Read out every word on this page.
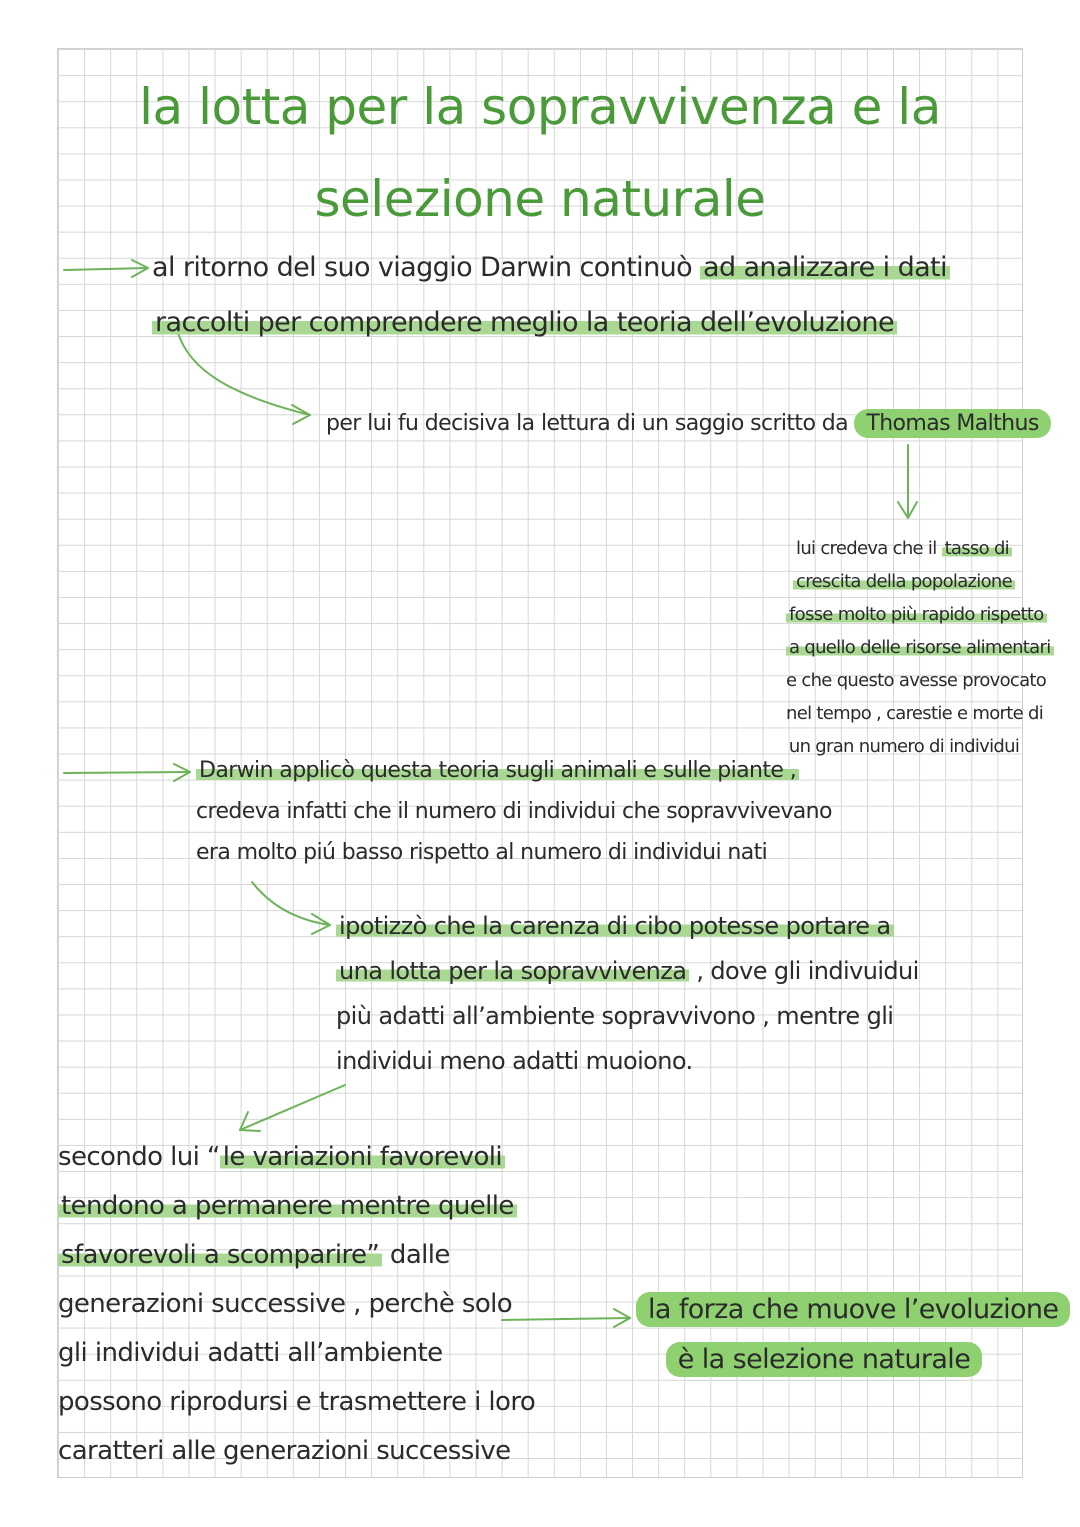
la lotta per la sopravvivenza e la
selezione naturale
al ritorno del suo viaggio Darwin continuò ad analizzare i dati
raccolti per comprendere meglio la teoria dell’evoluzione
per lui fu decisiva la lettura di un saggio scritto da Thomas Malthus
lui credeva che il tasso di
crescita della popolazione
fosse molto più rapido rispetto
a quello delle risorse alimentari
e che questo avesse provocato
nel tempo , carestie e morte di
un gran numero di individui
Darwin applicò questa teoria sugli animali e sulle piante ,
credeva infatti che il numero di individui che sopravvivevano
era molto piú basso rispetto al numero di individui nati
ipotizzò che la carenza di cibo potesse portare a
una lotta per la sopravvivenza , dove gli indivuidui
più adatti all’ambiente sopravvivono , mentre gli
individui meno adatti muoiono.
secondo lui “ le variazioni favorevoli
tendono a permanere mentre quelle
sfavorevoli a scomparire” dalle
generazioni successive , perchè solo
gli individui adatti all’ambiente
possono riprodursi e trasmettere i loro
caratteri alle generazioni successive
la forza che muove l’evoluzione
è la selezione naturale
